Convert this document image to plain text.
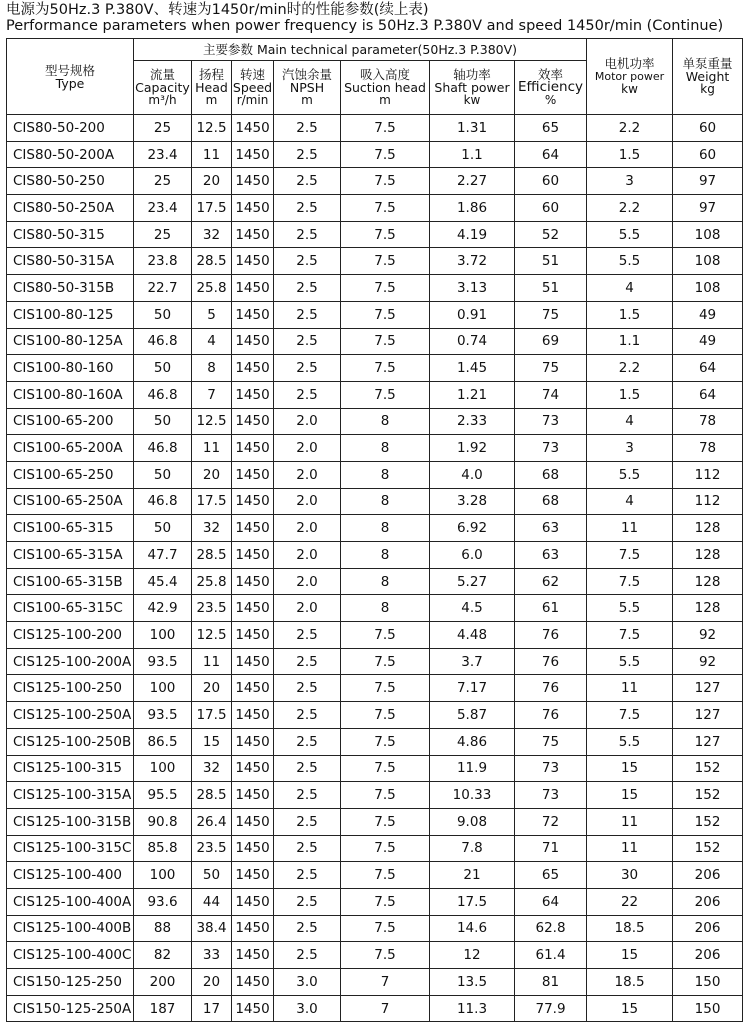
电源为50Hz.3 P.380V、转速为1450r/min时的性能参数(续上表)
Performance parameters when power frequency is 50Hz.3 P.380V and speed 1450r/min (Continue)
型号规格
Type	主要参数 Main technical parameter(50Hz.3 P.380V)							电机功率
Motor power
kw	单泵重量
Weight
kg

	流量
Capacity
m³/h	扬程
Head
m	转速
Speed
r/min	汽蚀余量
NPSH
m	吸入高度
Suction head
m	轴功率
Shaft power
kw	效率
Efficiency
%		

CIS80-50-200	25	12.5	1450	2.5	7.5	1.31	65	2.2	60
CIS80-50-200A	23.4	11	1450	2.5	7.5	1.1	64	1.5	60
CIS80-50-250	25	20	1450	2.5	7.5	2.27	60	3	97
CIS80-50-250A	23.4	17.5	1450	2.5	7.5	1.86	60	2.2	97
CIS80-50-315	25	32	1450	2.5	7.5	4.19	52	5.5	108
CIS80-50-315A	23.8	28.5	1450	2.5	7.5	3.72	51	5.5	108
CIS80-50-315B	22.7	25.8	1450	2.5	7.5	3.13	51	4	108
CIS100-80-125	50	5	1450	2.5	7.5	0.91	75	1.5	49
CIS100-80-125A	46.8	4	1450	2.5	7.5	0.74	69	1.1	49
CIS100-80-160	50	8	1450	2.5	7.5	1.45	75	2.2	64
CIS100-80-160A	46.8	7	1450	2.5	7.5	1.21	74	1.5	64
CIS100-65-200	50	12.5	1450	2.0	8	2.33	73	4	78
CIS100-65-200A	46.8	11	1450	2.0	8	1.92	73	3	78
CIS100-65-250	50	20	1450	2.0	8	4.0	68	5.5	112
CIS100-65-250A	46.8	17.5	1450	2.0	8	3.28	68	4	112
CIS100-65-315	50	32	1450	2.0	8	6.92	63	11	128
CIS100-65-315A	47.7	28.5	1450	2.0	8	6.0	63	7.5	128
CIS100-65-315B	45.4	25.8	1450	2.0	8	5.27	62	7.5	128
CIS100-65-315C	42.9	23.5	1450	2.0	8	4.5	61	5.5	128
CIS125-100-200	100	12.5	1450	2.5	7.5	4.48	76	7.5	92
CIS125-100-200A	93.5	11	1450	2.5	7.5	3.7	76	5.5	92
CIS125-100-250	100	20	1450	2.5	7.5	7.17	76	11	127
CIS125-100-250A	93.5	17.5	1450	2.5	7.5	5.87	76	7.5	127
CIS125-100-250B	86.5	15	1450	2.5	7.5	4.86	75	5.5	127
CIS125-100-315	100	32	1450	2.5	7.5	11.9	73	15	152
CIS125-100-315A	95.5	28.5	1450	2.5	7.5	10.33	73	15	152
CIS125-100-315B	90.8	26.4	1450	2.5	7.5	9.08	72	11	152
CIS125-100-315C	85.8	23.5	1450	2.5	7.5	7.8	71	11	152
CIS125-100-400	100	50	1450	2.5	7.5	21	65	30	206
CIS125-100-400A	93.6	44	1450	2.5	7.5	17.5	64	22	206
CIS125-100-400B	88	38.4	1450	2.5	7.5	14.6	62.8	18.5	206
CIS125-100-400C	82	33	1450	2.5	7.5	12	61.4	15	206
CIS150-125-250	200	20	1450	3.0	7	13.5	81	18.5	150
CIS150-125-250A	187	17	1450	3.0	7	11.3	77.9	15	150
